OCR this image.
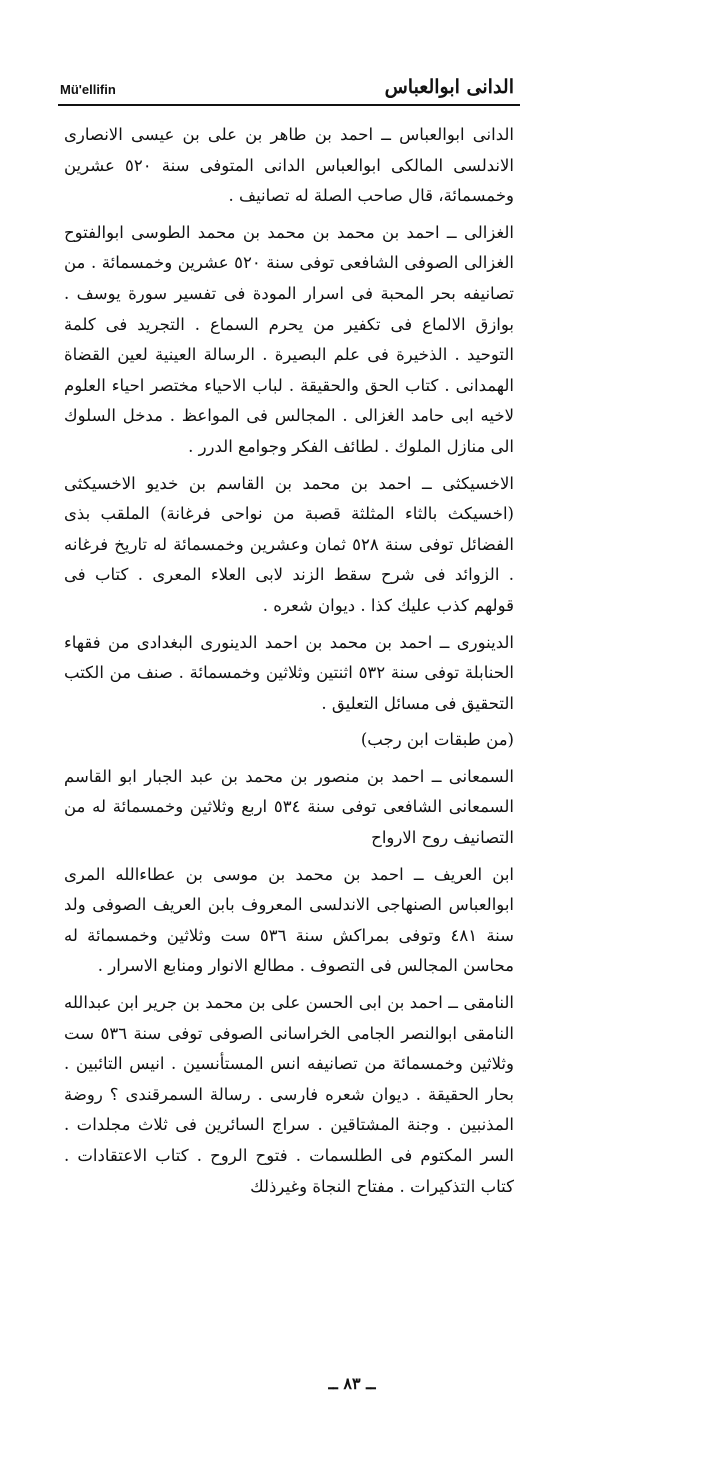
Mü'ellifin	الدانى ابوالعباس

الدانى ابوالعباس ــ احمد بن طاهر بن على بن عيسى الانصارى الاندلسى المالكى ابوالعباس الدانى المتوفى سنة ٥٢٠ عشرين وخمسمائة، قال صاحب الصلة له تصانيف .

الغزالى ــ احمد بن محمد بن محمد بن محمد الطوسى ابوالفتوح الغزالى الصوفى الشافعى توفى سنة ٥٢٠ عشرين وخمسمائة . من تصانيفه بحر المحبة فى اسرار المودة فى تفسير سورة يوسف . بوازق الالماع فى تكفير من يحرم السماع . التجريد فى كلمة التوحيد . الذخيرة فى علم البصيرة . الرسالة العينية لعين القضاة الهمدانى . كتاب الحق والحقيقة . لباب الاحياء مختصر احياء العلوم لاخيه ابى حامد الغزالى . المجالس فى المواعظ . مدخل السلوك الى منازل الملوك . لطائف الفكر وجوامع الدرر .

الاخسيكثى ــ احمد بن محمد بن القاسم بن خديو الاخسيكثى (اخسيكث بالثاء المثلثة قصبة من نواحى فرغانة) الملقب بذى الفضائل توفى سنة ٥٢٨ ثمان وعشرين وخمسمائة له تاريخ فرغانه . الزوائد فى شرح سقط الزند لابى العلاء المعرى . كتاب فى قولهم كذب عليك كذا . ديوان شعره .

الدينورى ــ احمد بن محمد بن احمد الدينورى البغدادى من فقهاء الحنابلة توفى سنة ٥٣٢ اثنتين وثلاثين وخمسمائة . صنف من الكتب التحقيق فى مسائل التعليق .

(من طبقات ابن رجب)

السمعانى ــ احمد بن منصور بن محمد بن عبد الجبار ابو القاسم السمعانى الشافعى توفى سنة ٥٣٤ اربع وثلاثين وخمسمائة له من التصانيف روح الارواح

ابن العريف ــ احمد بن محمد بن موسى بن عطاءالله المرى ابوالعباس الصنهاجى الاندلسى المعروف بابن العريف الصوفى ولد سنة ٤٨١ وتوفى بمراكش سنة ٥٣٦ ست وثلاثين وخمسمائة له محاسن المجالس فى التصوف . مطالع الانوار ومنابع الاسرار .

النامقى ــ احمد بن ابى الحسن على بن محمد بن جرير ابن عبدالله النامقى ابوالنصر الجامى الخراسانى الصوفى توفى سنة ٥٣٦ ست وثلاثين وخمسمائة من تصانيفه انس المستأنسين . انيس التائبين . بحار الحقيقة . ديوان شعره فارسى . رسالة السمرقندى ؟ روضة المذنبين . وجنة المشتاقين . سراج السائرين فى ثلاث مجلدات . السر المكتوم فى الطلسمات . فتوح الروح . كتاب الاعتقادات . كتاب التذكيرات . مفتاح النجاة وغيرذلك

ــ ٨٣ ــ
